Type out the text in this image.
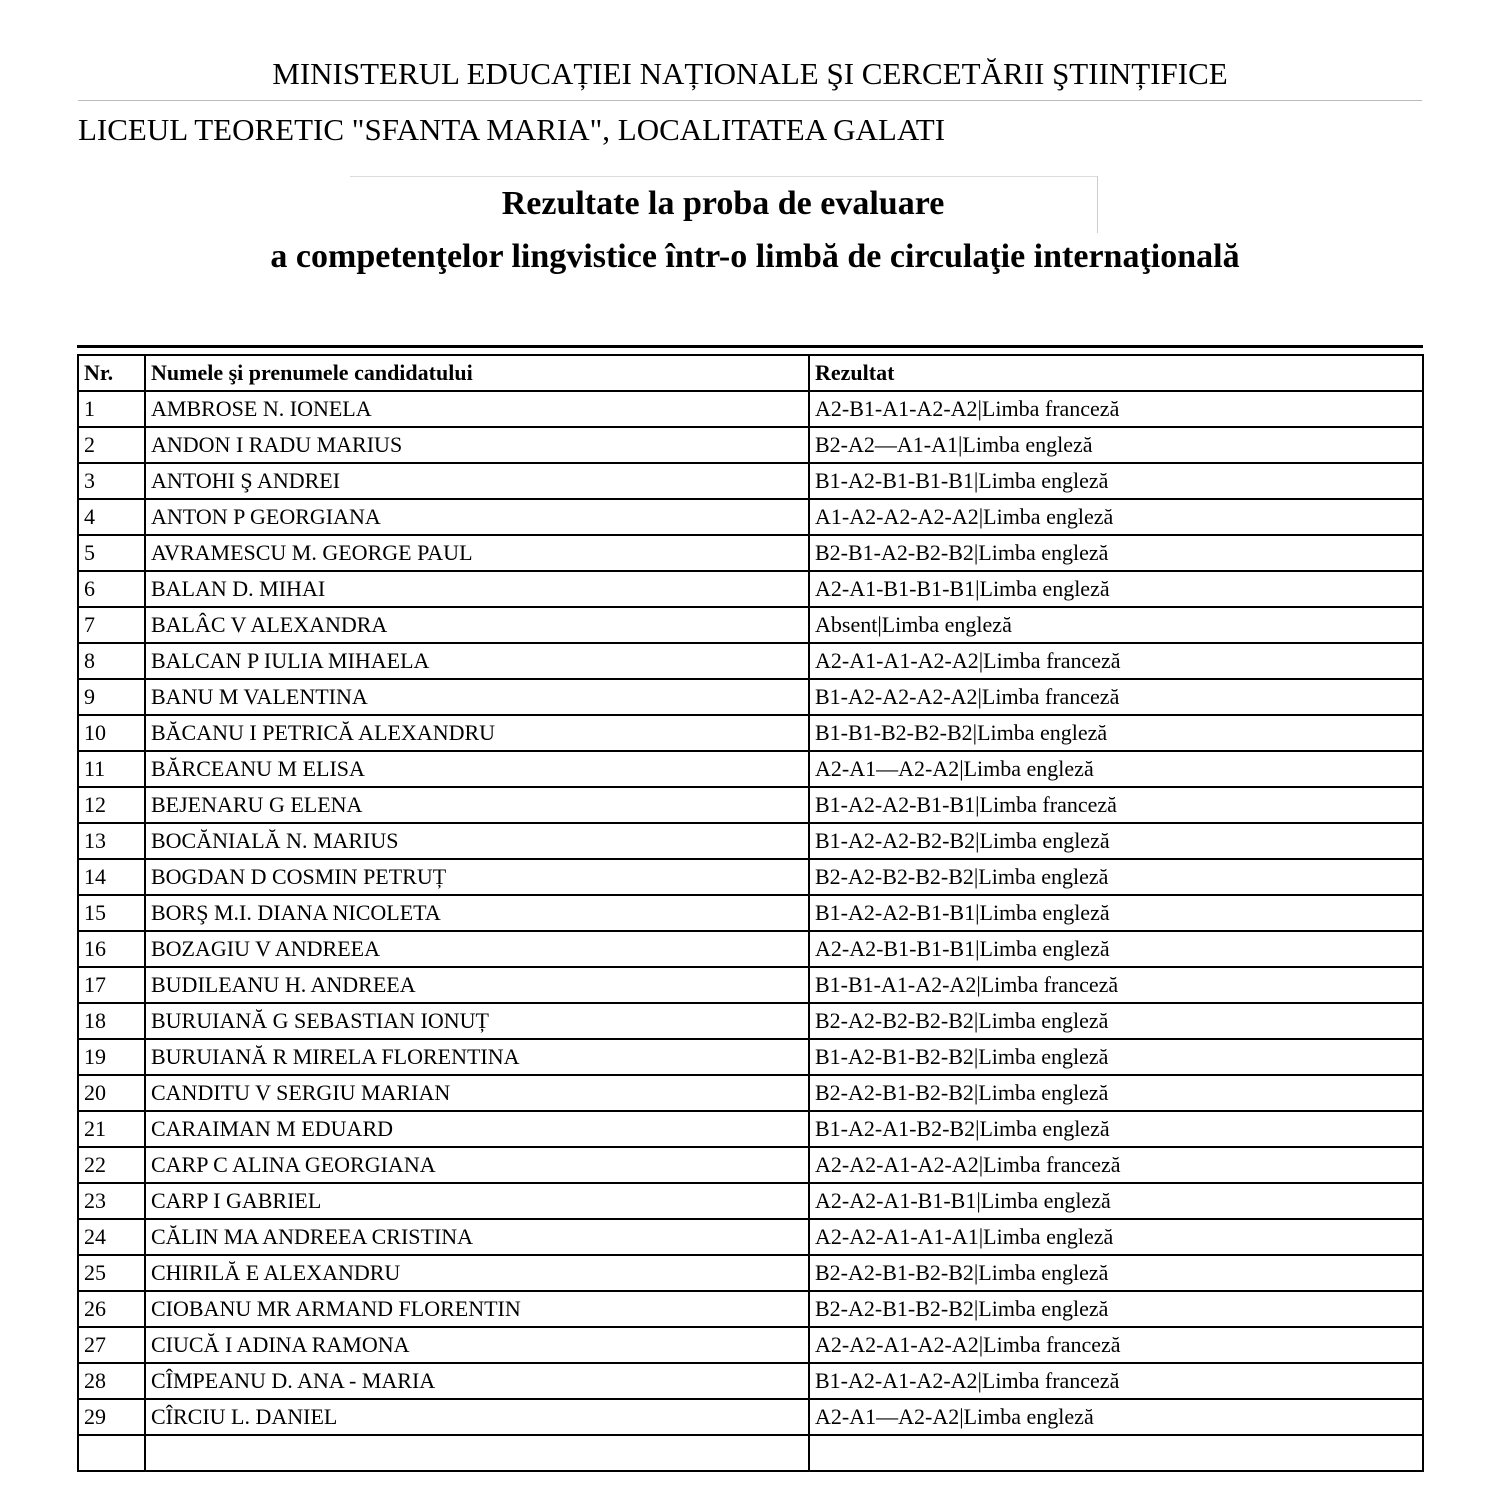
MINISTERUL EDUCAȚIEI NAȚIONALE ŞI CERCETĂRII ŞTIINȚIFICE
LICEUL TEORETIC "SFANTA MARIA", LOCALITATEA GALATI
Rezultate la proba de evaluare
a competenţelor lingvistice într-o limbă de circulaţie internaţională
Nr.	Numele şi prenumele candidatului	Rezultat
1	AMBROSE N. IONELA	A2-B1-A1-A2-A2|Limba franceză
2	ANDON I RADU MARIUS	B2-A2—A1-A1|Limba engleză
3	ANTOHI Ş ANDREI	B1-A2-B1-B1-B1|Limba engleză
4	ANTON P GEORGIANA	A1-A2-A2-A2-A2|Limba engleză
5	AVRAMESCU M. GEORGE PAUL	B2-B1-A2-B2-B2|Limba engleză
6	BALAN D. MIHAI	A2-A1-B1-B1-B1|Limba engleză
7	BALÂC V ALEXANDRA	Absent|Limba engleză
8	BALCAN P IULIA MIHAELA	A2-A1-A1-A2-A2|Limba franceză
9	BANU M VALENTINA	B1-A2-A2-A2-A2|Limba franceză
10	BĂCANU I PETRICĂ ALEXANDRU	B1-B1-B2-B2-B2|Limba engleză
11	BĂRCEANU M ELISA	A2-A1—A2-A2|Limba engleză
12	BEJENARU G ELENA	B1-A2-A2-B1-B1|Limba franceză
13	BOCĂNIALĂ N. MARIUS	B1-A2-A2-B2-B2|Limba engleză
14	BOGDAN D COSMIN PETRUȚ	B2-A2-B2-B2-B2|Limba engleză
15	BORŞ M.I. DIANA NICOLETA	B1-A2-A2-B1-B1|Limba engleză
16	BOZAGIU V ANDREEA	A2-A2-B1-B1-B1|Limba engleză
17	BUDILEANU H. ANDREEA	B1-B1-A1-A2-A2|Limba franceză
18	BURUIANĂ G SEBASTIAN IONUȚ	B2-A2-B2-B2-B2|Limba engleză
19	BURUIANĂ R MIRELA FLORENTINA	B1-A2-B1-B2-B2|Limba engleză
20	CANDITU V SERGIU MARIAN	B2-A2-B1-B2-B2|Limba engleză
21	CARAIMAN M EDUARD	B1-A2-A1-B2-B2|Limba engleză
22	CARP C ALINA GEORGIANA	A2-A2-A1-A2-A2|Limba franceză
23	CARP I GABRIEL	A2-A2-A1-B1-B1|Limba engleză
24	CĂLIN MA ANDREEA CRISTINA	A2-A2-A1-A1-A1|Limba engleză
25	CHIRILĂ E ALEXANDRU	B2-A2-B1-B2-B2|Limba engleză
26	CIOBANU MR ARMAND FLORENTIN	B2-A2-B1-B2-B2|Limba engleză
27	CIUCĂ I ADINA RAMONA	A2-A2-A1-A2-A2|Limba franceză
28	CÎMPEANU D. ANA - MARIA	B1-A2-A1-A2-A2|Limba franceză
29	CÎRCIU L. DANIEL	A2-A1—A2-A2|Limba engleză
